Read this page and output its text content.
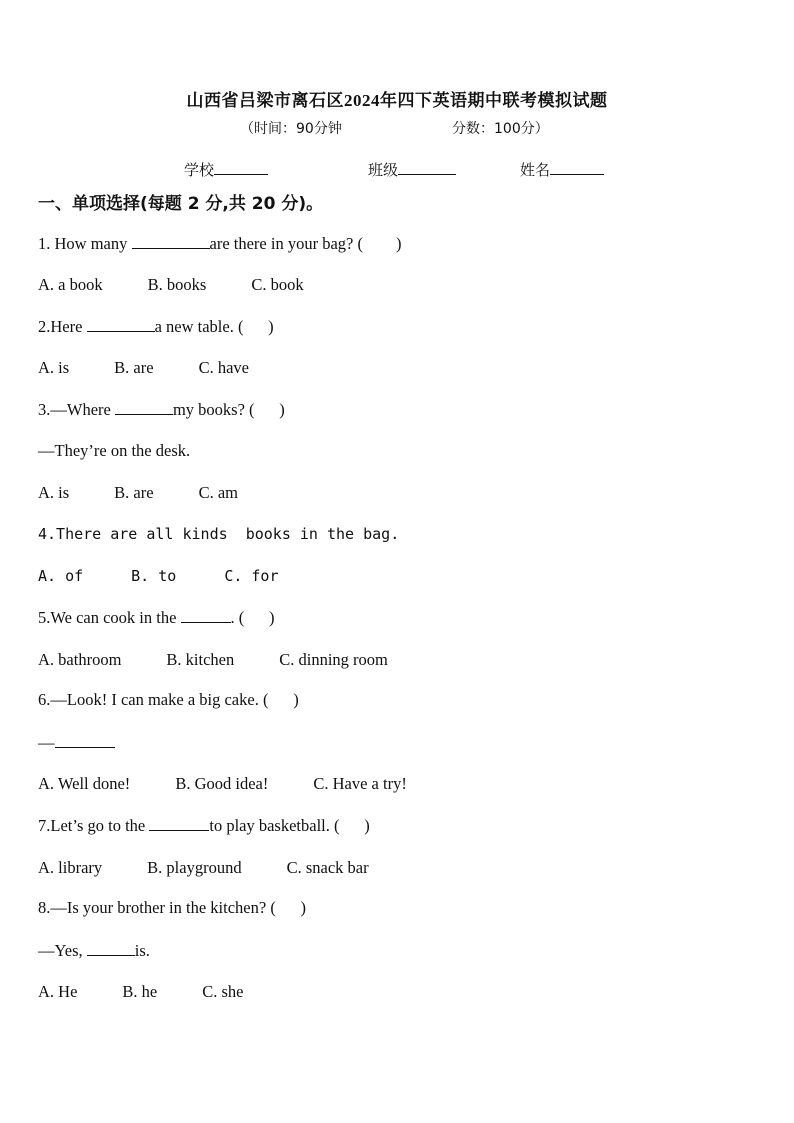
山西省吕梁市离石区2024年四下英语期中联考模拟试题
（时间：90分钟	分数：100分）
学校	班级	姓名
一、单项选择(每题 2 分,共 20 分)。
1. How many	are there in your bag? (        )
A. a book	B. books	C. book
2.Here	a new table. (      )
A. is	B. are	C. have
3.—Where	my books? (      )
—They’re on the desk.
A. is	B. are	C. am
4.There are all kinds  books in the bag.
A. of	B. to	C. for
5.We can cook in the	. (      )
A. bathroom	B. kitchen	C. dinning room
6.—Look! I can make a big cake. (      )
—
A. Well done!	B. Good idea!	C. Have a try!
7.Let’s go to the	to play basketball. (      )
A. library	B. playground	C. snack bar
8.—Is your brother in the kitchen? (      )
—Yes,	is.
A. He	B. he	C. she
